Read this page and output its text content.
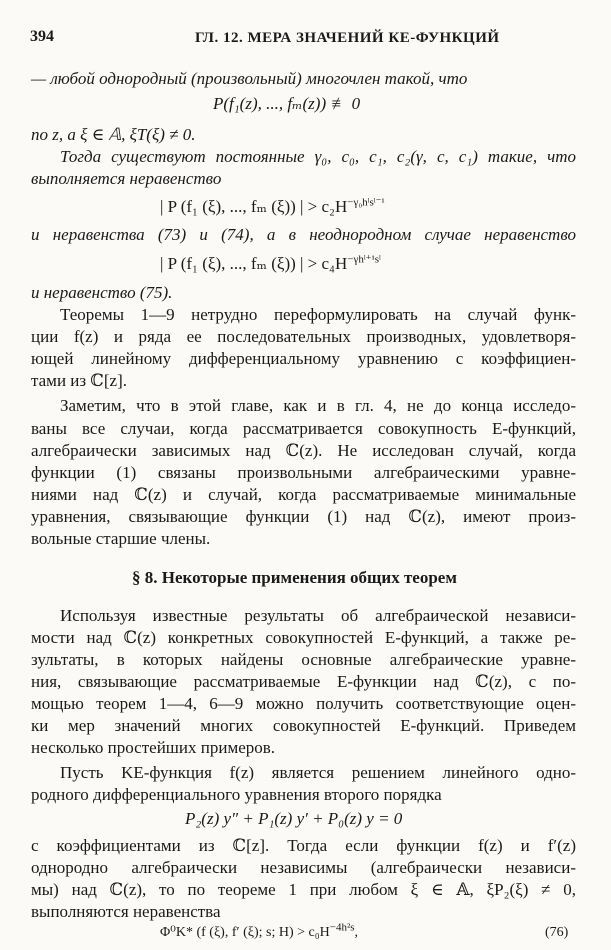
394	ГЛ. 12. МЕРА ЗНАЧЕНИЙ КЕ-ФУНКЦИЙ
— любой однородный (произвольный) многочлен такой, что
P(f₁(z), ..., fₘ(z)) ≢ 0
по z, а ξ ∈ 𝔸, ξT(ξ) ≠ 0.
Тогда существуют постоянные γ₀, c₀, c₁, c₂(γ, c, c₁) такие, что
выполняется неравенство
| P (f₁ (ξ), ..., fₘ (ξ)) | > $c_2H^{-\gamma_0hˡsˡ^{-1}}$
и неравенства (73) и (74), а в неоднородном случае неравенство
| P (f₁ (ξ), ..., fₘ (ξ)) | > $c_4H^{-\gamma hˡ^{+1}sˡ}$
и неравенство (75).
Теоремы 1—9 нетрудно переформулировать на случай функ-
ции f(z) и ряда ее последовательных производных, удовлетворя-
ющей линейному дифференциальному уравнению с коэффициен-
тами из ℂ[z].
Заметим, что в этой главе, как и в гл. 4, не до конца исследо-
ваны все случаи, когда рассматривается совокупность E-функций,
алгебраически зависимых над ℂ(z). Не исследован случай, когда
функции (1) связаны произвольными алгебраическими уравне-
ниями над ℂ(z) и случай, когда рассматриваемые минимальные
уравнения, связывающие функции (1) над ℂ(z), имеют произ-
вольные старшие члены.
§ 8. Некоторые применения общих теорем
Используя известные результаты об алгебраической независи-
мости над ℂ(z) конкретных совокупностей E-функций, а также ре-
зультаты, в которых найдены основные алгебраические уравне-
ния, связывающие рассматриваемые E-функции над ℂ(z), с по-
мощью теорем 1—4, 6—9 можно получить соответствующие оцен-
ки мер значений многих совокупностей E-функций. Приведем
несколько простейших примеров.
Пусть KE-функция f(z) является решением линейного одно-
родного дифференциального уравнения второго порядка
P₂(z) y″ + P₁(z) y′ + P₀(z) y = 0
с коэффициентами из ℂ[z]. Тогда если функции f(z) и f′(z)
однородно алгебраически независимы (алгебраически независи-
мы) над ℂ(z), то по теореме 1 при любом ξ ∈ 𝔸, ξP₂(ξ) ≠ 0,
выполняются неравенства
Φ⁰K* (f (ξ), f′ (ξ); s; $H) > c_0H^{-4h^2s}$,	(76)
